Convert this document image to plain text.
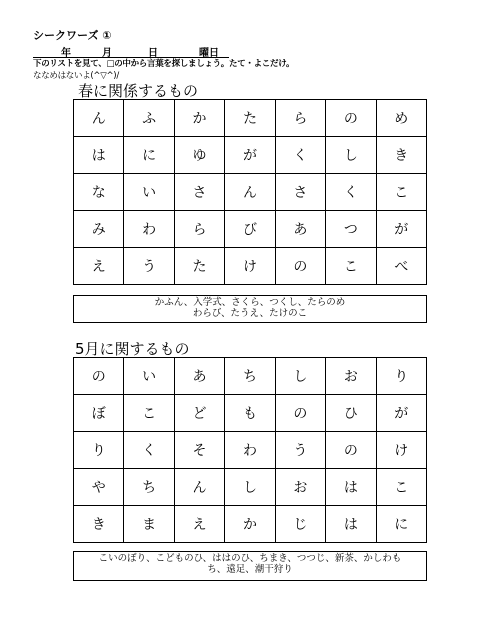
シークワーズ ①
年	月	日	曜日
下のリストを見て、□の中から言葉を探しましょう。たて・よこだけ。
ななめはないよ(^▽^)/
春に関係するもの
ん	ふ	か	た	ら	の	め
は	に	ゆ	が	く	し	き
な	い	さ	ん	さ	く	こ
み	わ	ら	び	あ	つ	が
え	う	た	け	の	こ	べ
かふん、入学式、さくら、つくし、たらのめ
わらび、たうえ、たけのこ
5月に関するもの
の	い	あ	ち	し	お	り
ぼ	こ	ど	も	の	ひ	が
り	く	そ	わ	う	の	け
や	ち	ん	し	お	は	こ
き	ま	え	か	じ	は	に
こいのぼり、こどものひ、ははのひ、ちまき、つつじ、新茶、かしわも
ち、遠足、潮干狩り
